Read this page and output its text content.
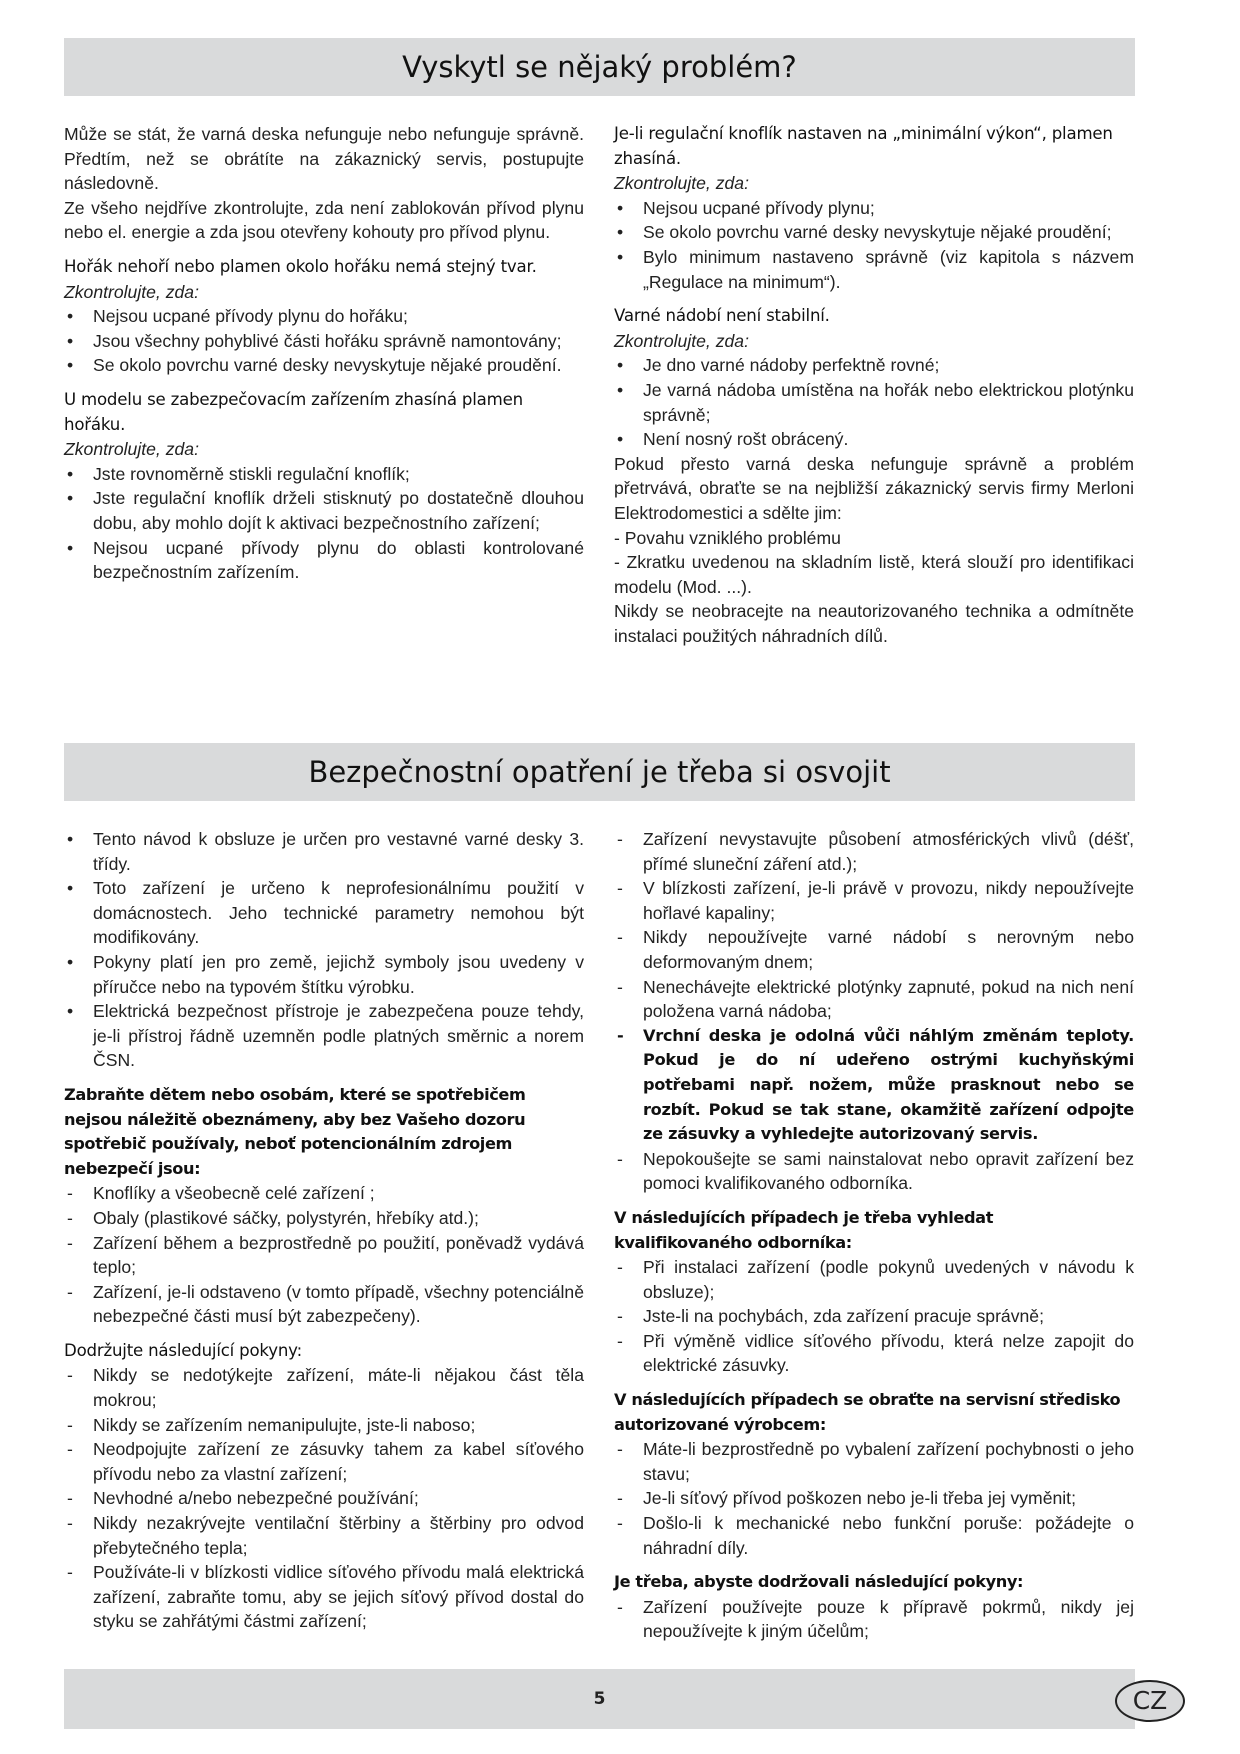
Vyskytl se nějaký problém?

Může se stát, že varná deska nefunguje nebo nefunguje správně. Předtím, než se obrátíte na zákaznický servis, postupujte následovně.

Ze všeho nejdříve zkontrolujte, zda není zablokován přívod plynu nebo el. energie a zda jsou otevřeny kohouty pro přívod plynu.

Hořák nehoří nebo plamen okolo hořáku nemá stejný tvar.

Zkontrolujte, zda:

• Nejsou ucpané přívody plynu do hořáku;
• Jsou všechny pohyblivé části hořáku správně namontovány;
• Se okolo povrchu varné desky nevyskytuje nějaké proudění.

U modelu se zabezpečovacím zařízením zhasíná plamen hořáku.

Zkontrolujte, zda:

• Jste rovnoměrně stiskli regulační knoflík;
• Jste regulační knoflík drželi stisknutý po dostatečně dlouhou dobu, aby mohlo dojít k aktivaci bezpečnostního zařízení;
• Nejsou ucpané přívody plynu do oblasti kontrolované bezpečnostním zařízením.

Je-li regulační knoflík nastaven na „minimální výkon“, plamen zhasíná.

Zkontrolujte, zda:

• Nejsou ucpané přívody plynu;
• Se okolo povrchu varné desky nevyskytuje nějaké proudění;
• Bylo minimum nastaveno správně (viz kapitola s názvem „Regulace na minimum“).

Varné nádobí není stabilní.

Zkontrolujte, zda:

• Je dno varné nádoby perfektně rovné;
• Je varná nádoba umístěna na hořák nebo elektrickou plotýnku správně;
• Není nosný rošt obrácený.

Pokud přesto varná deska nefunguje správně a problém přetrvává, obraťte se na nejbližší zákaznický servis firmy Merloni Elektrodomestici a sdělte jim:

- Povahu vzniklého problému

- Zkratku uvedenou na skladním listě, která slouží pro identifikaci modelu (Mod. ...).

Nikdy se neobracejte na neautorizovaného technika a odmítněte instalaci použitých náhradních dílů.

Bezpečnostní opatření je třeba si osvojit
• Tento návod k obsluze je určen pro vestavné varné desky 3. třídy.
• Toto zařízení je určeno k neprofesionálnímu použití v domácnostech. Jeho technické parametry nemohou být modifikovány.
• Pokyny platí jen pro země, jejichž symboly jsou uvedeny v příručce nebo na typovém štítku výrobku.
• Elektrická bezpečnost přístroje je zabezpečena pouze tehdy, je-li přístroj řádně uzemněn podle platných směrnic a norem ČSN.

Zabraňte dětem nebo osobám, které se spotřebičem nejsou náležitě obeznámeny, aby bez Vašeho dozoru spotřebič používaly, neboť potencionálním zdrojem nebezpečí jsou:

- Knoflíky a všeobecně celé zařízení ;
- Obaly (plastikové sáčky, polystyrén, hřebíky atd.);
- Zařízení během a bezprostředně po použití, poněvadž vydává teplo;
- Zařízení, je-li odstaveno (v tomto případě, všechny potenciálně nebezpečné části musí být zabezpečeny).

Dodržujte následující pokyny:

- Nikdy se nedotýkejte zařízení, máte-li nějakou část těla mokrou;
- Nikdy se zařízením nemanipulujte, jste-li naboso;
- Neodpojujte zařízení ze zásuvky tahem za kabel síťového přívodu nebo za vlastní zařízení;
- Nevhodné a/nebo nebezpečné používání;
- Nikdy nezakrývejte ventilační štěrbiny a štěrbiny pro odvod přebytečného tepla;
- Používáte-li v blízkosti vidlice síťového přívodu malá elektrická zařízení, zabraňte tomu, aby se jejich síťový přívod dostal do styku se zahřátými částmi zařízení;
- Zařízení nevystavujte působení atmosférických vlivů (déšť, přímé sluneční záření atd.);
- V blízkosti zařízení, je-li právě v provozu, nikdy nepoužívejte hořlavé kapaliny;
- Nikdy nepoužívejte varné nádobí s nerovným nebo deformovaným dnem;
- Nenechávejte elektrické plotýnky zapnuté, pokud na nich není položena varná nádoba;
- Vrchní deska je odolná vůči náhlým změnám teploty. Pokud je do ní udeřeno ostrými kuchyňskými potřebami např. nožem, může prasknout nebo se rozbít. Pokud se tak stane, okamžitě zařízení odpojte ze zásuvky a vyhledejte autorizovaný servis.
- Nepokoušejte se sami nainstalovat nebo opravit zařízení bez pomoci kvalifikovaného odborníka.

V následujících případech je třeba vyhledat kvalifikovaného odborníka:

- Při instalaci zařízení (podle pokynů uvedených v návodu k obsluze);
- Jste-li na pochybách, zda zařízení pracuje správně;
- Při výměně vidlice síťového přívodu, která nelze zapojit do elektrické zásuvky.

V následujících případech se obraťte na servisní středisko autorizované výrobcem:

- Máte-li bezprostředně po vybalení zařízení pochybnosti o jeho stavu;
- Je-li síťový přívod poškozen nebo je-li třeba jej vyměnit;
- Došlo-li k mechanické nebo funkční poruše: požádejte o náhradní díly.

Je třeba, abyste dodržovali následující pokyny:

- Zařízení používejte pouze k přípravě pokrmů, nikdy jej nepoužívejte k jiným účelům;
5	CZ
